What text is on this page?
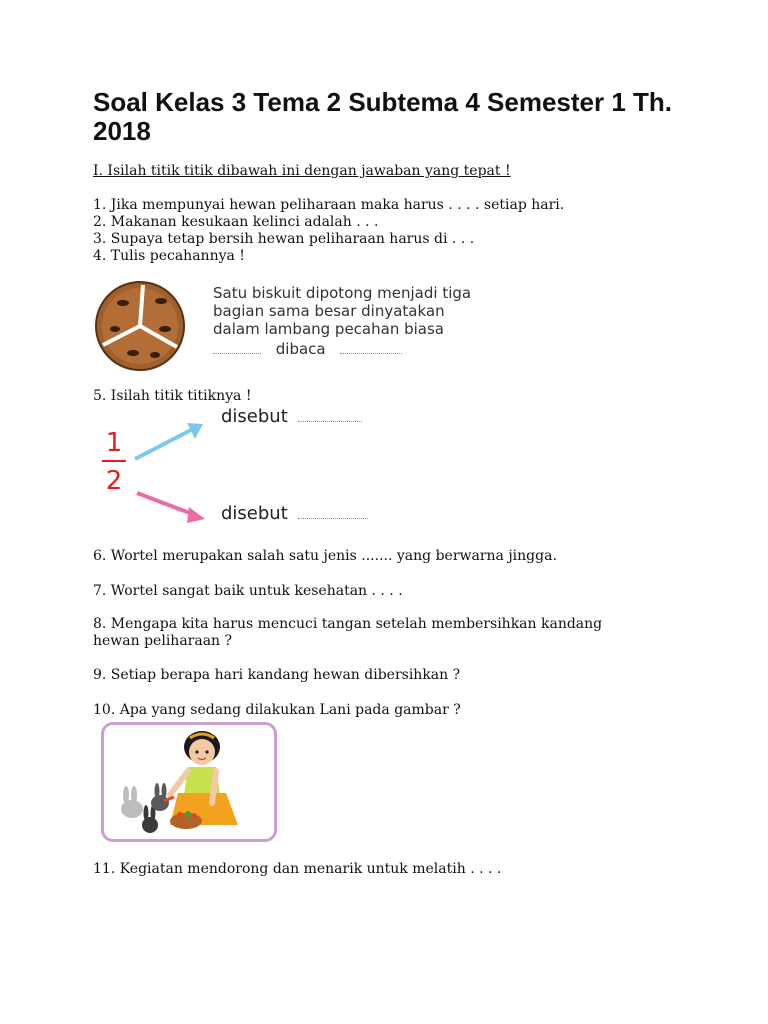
Soal Kelas 3 Tema 2 Subtema 4 Semester 1 Th. 2018

I. Isilah titik titik dibawah ini dengan jawaban yang tepat !

1. Jika mempunyai hewan peliharaan maka harus . . . . setiap hari.

2. Makanan kesukaan kelinci adalah . . .

3. Supaya tetap bersih hewan peliharaan harus di . . .

4. Tulis pecahannya !

Satu biskuit dipotong menjadi tiga
bagian sama besar dinyatakan
dalam lambang pecahan biasa
dibaca

5. Isilah titik titiknya !

1
2
disebut
disebut

6. Wortel merupakan salah satu jenis ....... yang berwarna jingga.

7. Wortel sangat baik untuk kesehatan . . . .

8. Mengapa kita harus mencuci tangan setelah membersihkan kandang

hewan peliharaan ?

9. Setiap berapa hari kandang hewan dibersihkan ?

10. Apa yang sedang dilakukan Lani pada gambar ?

11. Kegiatan mendorong dan menarik untuk melatih . . . .
